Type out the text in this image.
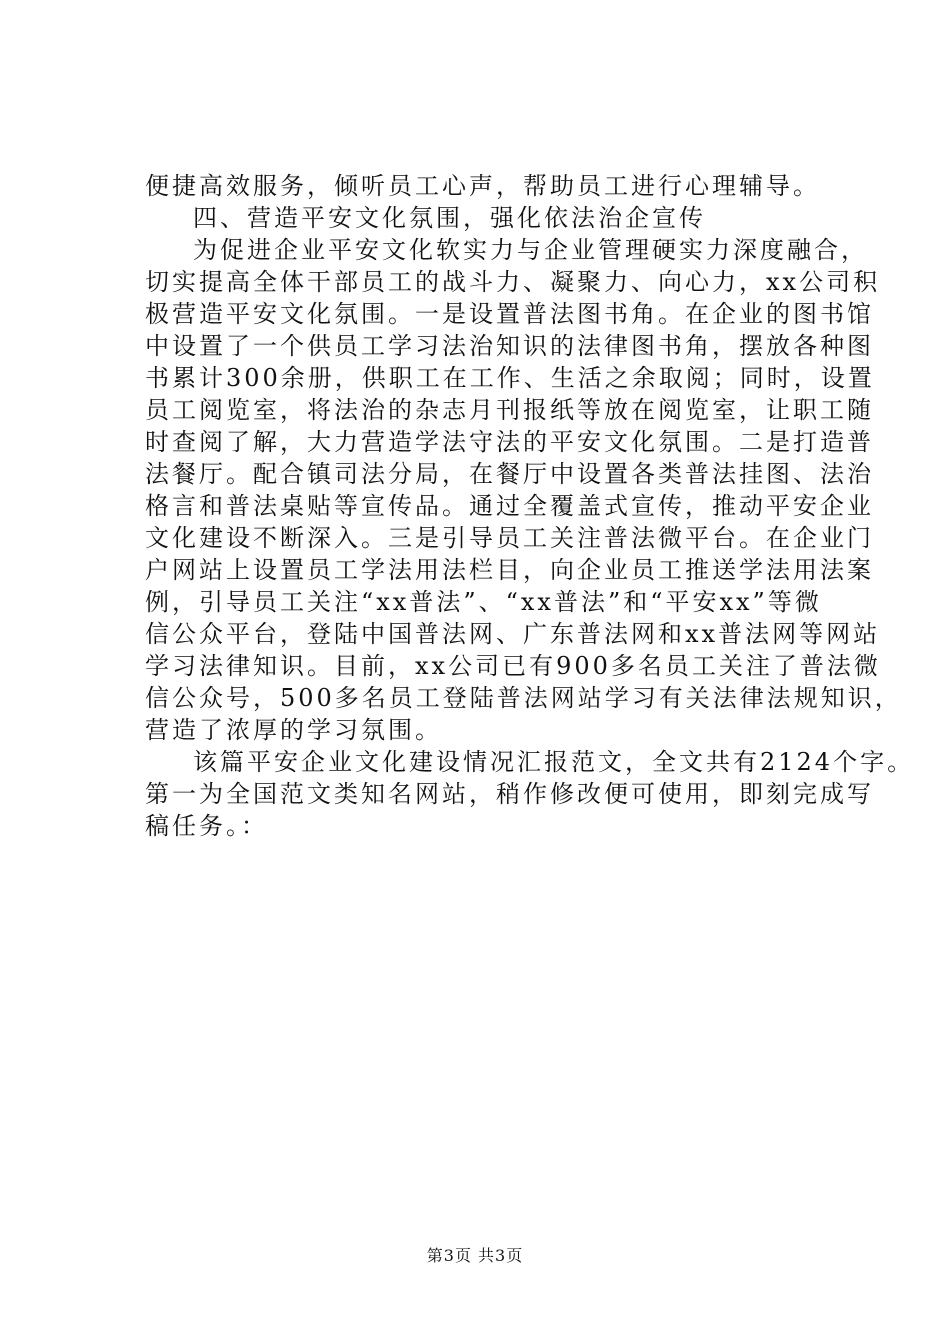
便捷高效服务，倾听员工心声，帮助员工进行心理辅导。
四、营造平安文化氛围，强化依法治企宣传
为促进企业平安文化软实力与企业管理硬实力深度融合，
切实提高全体干部员工的战斗力、凝聚力、向心力，xx公司积
极营造平安文化氛围。一是设置普法图书角。在企业的图书馆
中设置了一个供员工学习法治知识的法律图书角，摆放各种图
书累计300余册，供职工在工作、生活之余取阅；同时，设置
员工阅览室，将法治的杂志月刊报纸等放在阅览室，让职工随
时查阅了解，大力营造学法守法的平安文化氛围。二是打造普
法餐厅。配合镇司法分局，在餐厅中设置各类普法挂图、法治
格言和普法桌贴等宣传品。通过全覆盖式宣传，推动平安企业
文化建设不断深入。三是引导员工关注普法微平台。在企业门
户网站上设置员工学法用法栏目，向企业员工推送学法用法案
例，引导员工关注“xx普法”、“xx普法”和“平安xx”等微
信公众平台，登陆中国普法网、广东普法网和xx普法网等网站
学习法律知识。目前，xx公司已有900多名员工关注了普法微
信公众号，500多名员工登陆普法网站学习有关法律法规知识，
营造了浓厚的学习氛围。
该篇平安企业文化建设情况汇报范文，全文共有2124个字。
第一为全国范文类知名网站，稍作修改便可使用，即刻完成写
稿任务。：
第3页 共3页
